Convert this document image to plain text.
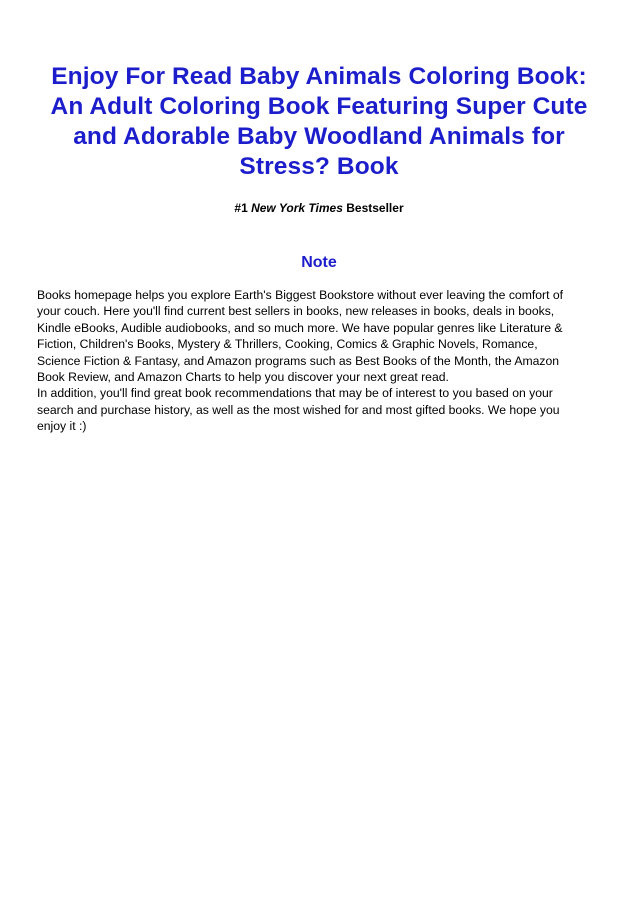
Enjoy For Read Baby Animals Coloring Book:
An Adult Coloring Book Featuring Super Cute
and Adorable Baby Woodland Animals for
Stress? Book
#1 New York Times Bestseller
Note
Books homepage helps you explore Earth's Biggest Bookstore without ever leaving the comfort of
your couch. Here you'll find current best sellers in books, new releases in books, deals in books,
Kindle eBooks, Audible audiobooks, and so much more. We have popular genres like Literature &
Fiction, Children's Books, Mystery & Thrillers, Cooking, Comics & Graphic Novels, Romance,
Science Fiction & Fantasy, and Amazon programs such as Best Books of the Month, the Amazon
Book Review, and Amazon Charts to help you discover your next great read.
In addition, you'll find great book recommendations that may be of interest to you based on your
search and purchase history, as well as the most wished for and most gifted books. We hope you
enjoy it :)
